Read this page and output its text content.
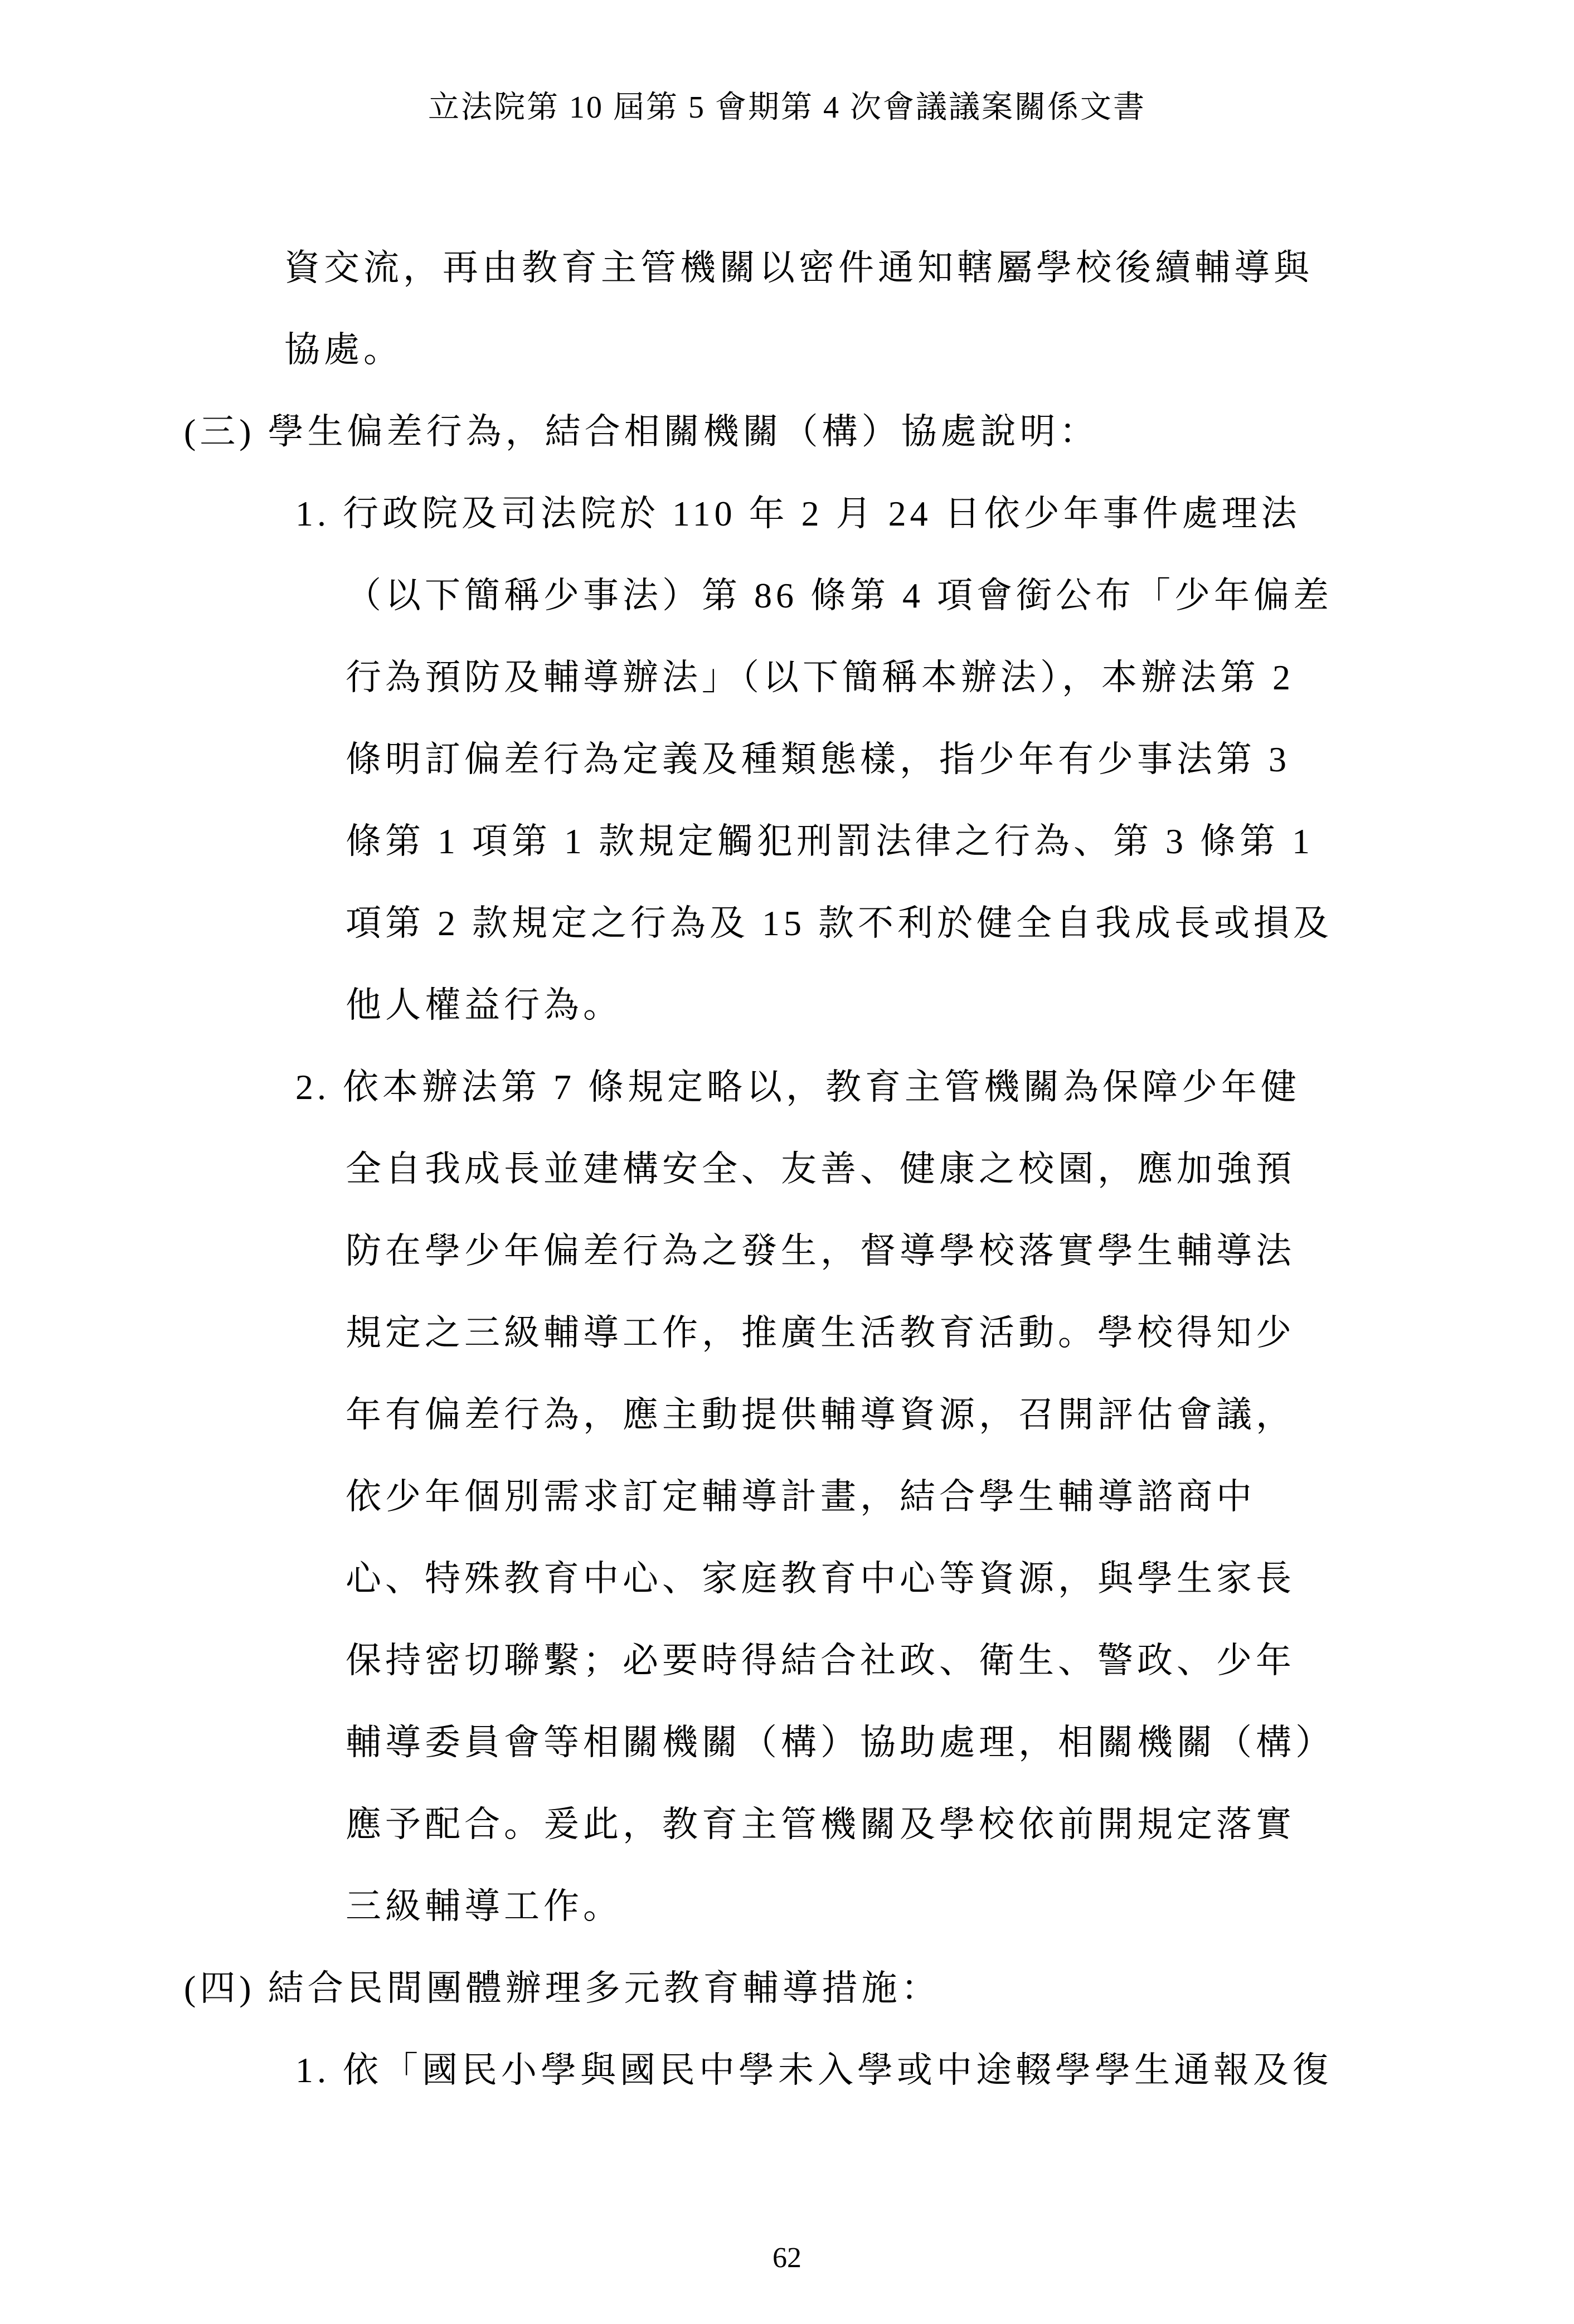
立法院第 10 屆第 5 會期第 4 次會議議案關係文書
資交流，再由教育主管機關以密件通知轄屬學校後續輔導與
協處。
(三) 學生偏差行為，結合相關機關（構）協處說明：
1. 行政院及司法院於 110 年 2 月 24 日依少年事件處理法
（以下簡稱少事法）第 86 條第 4 項會銜公布「少年偏差
行為預防及輔導辦法」（以下簡稱本辦法），本辦法第 2
條明訂偏差行為定義及種類態樣，指少年有少事法第 3
條第 1 項第 1 款規定觸犯刑罰法律之行為、第 3 條第 1
項第 2 款規定之行為及 15 款不利於健全自我成長或損及
他人權益行為。
2. 依本辦法第 7 條規定略以，教育主管機關為保障少年健
全自我成長並建構安全、友善、健康之校園，應加強預
防在學少年偏差行為之發生，督導學校落實學生輔導法
規定之三級輔導工作，推廣生活教育活動。學校得知少
年有偏差行為，應主動提供輔導資源，召開評估會議，
依少年個別需求訂定輔導計畫，結合學生輔導諮商中
心、特殊教育中心、家庭教育中心等資源，與學生家長
保持密切聯繫；必要時得結合社政、衛生、警政、少年
輔導委員會等相關機關（構）協助處理，相關機關（構）
應予配合。爰此，教育主管機關及學校依前開規定落實
三級輔導工作。
(四) 結合民間團體辦理多元教育輔導措施：
1. 依「國民小學與國民中學未入學或中途輟學學生通報及復
62
